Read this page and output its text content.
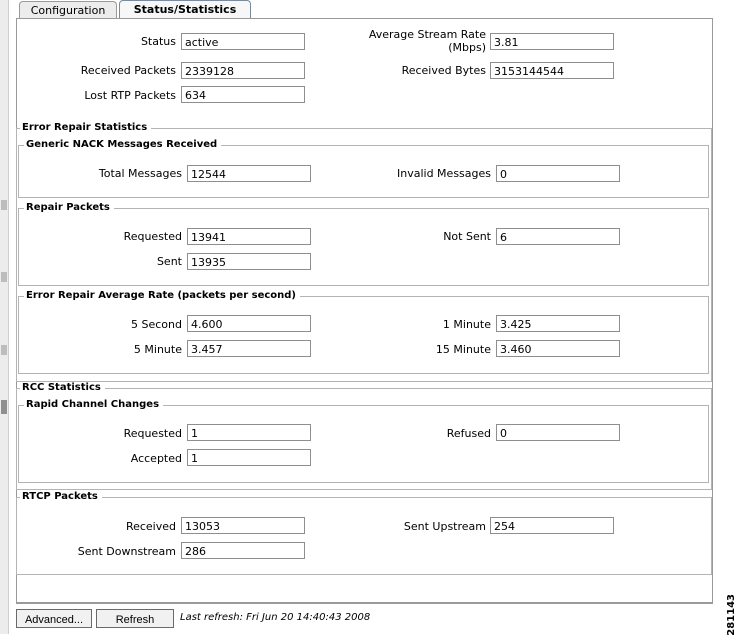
Configuration	Status/Statistics
Status active
Average Stream Rate
(Mbps) 3.81
Received Packets 2339128	Received Bytes 3153144544
Lost RTP Packets 634
Error Repair Statistics
Generic NACK Messages Received
Total Messages 12544	Invalid Messages 0
Repair Packets
Requested 13941	Not Sent 6
Sent 13935
Error Repair Average Rate (packets per second)
5 Second 4.600	1 Minute 3.425
5 Minute 3.457	15 Minute 3.460
RCC Statistics
Rapid Channel Changes
Requested 1	Refused 0
Accepted 1
RTCP Packets
Received 13053	Sent Upstream 254
Sent Downstream 286
Advanced...	Refresh	Last refresh: Fri Jun 20 14:40:43 2008	281143
